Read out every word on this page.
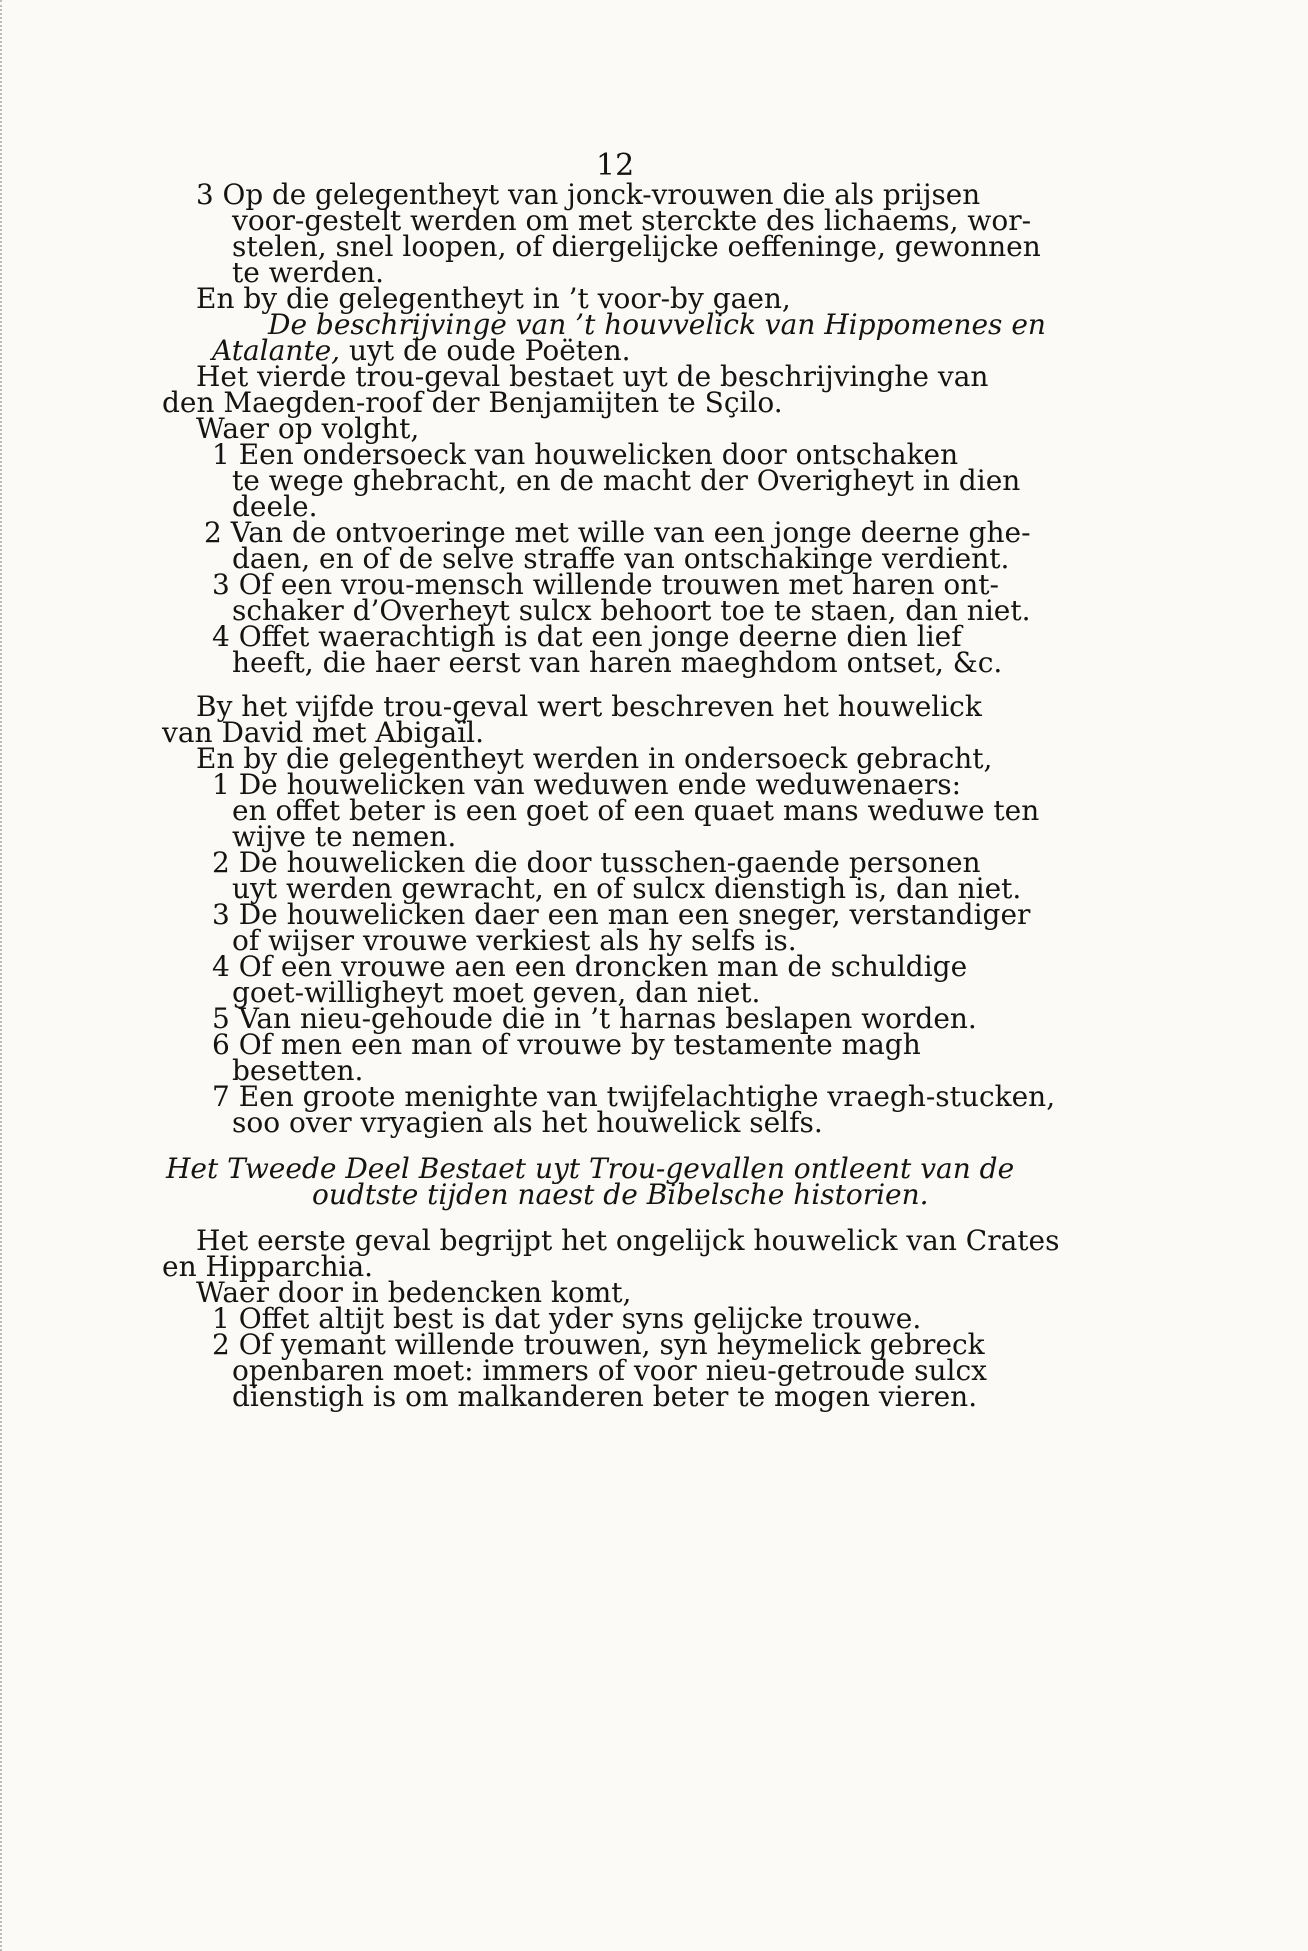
12
3 Op de gelegentheyt van jonck-vrouwen die als prijsen
voor-gestelt werden om met sterckte des lichaems, wor-
stelen, snel loopen, of diergelijcke oeffeninge, gewonnen
te werden.
En by die gelegentheyt in ’t voor-by gaen,
De beschrijvinge van ’t houvvelick van Hippomenes en
Atalante, uyt de oude Poëten.
Het vierde trou-geval bestaet uyt de beschrijvinghe van
den Maegden-roof der Benjamijten te Sçilo.
Waer op volght,
1 Een ondersoeck van houwelicken door ontschaken
te wege ghebracht, en de macht der Overigheyt in dien
deele.
2 Van de ontvoeringe met wille van een jonge deerne ghe-
daen, en of de selve straffe van ontschakinge verdient.
3 Of een vrou-mensch willende trouwen met haren ont-
schaker d’Overheyt sulcx behoort toe te staen, dan niet.
4 Offet waerachtigh is dat een jonge deerne dien lief
heeft, die haer eerst van haren maeghdom ontset, &c.
By het vijfde trou-geval wert beschreven het houwelick
van David met Abigaïl.
En by die gelegentheyt werden in ondersoeck gebracht,
1 De houwelicken van weduwen ende weduwenaers:
en offet beter is een goet of een quaet mans weduwe ten
wijve te nemen.
2 De houwelicken die door tusschen-gaende personen
uyt werden gewracht, en of sulcx dienstigh is, dan niet.
3 De houwelicken daer een man een sneger, verstandiger
of wijser vrouwe verkiest als hy selfs is.
4 Of een vrouwe aen een droncken man de schuldige
goet-willigheyt moet geven, dan niet.
5 Van nieu-gehoude die in ’t harnas beslapen worden.
6 Of men een man of vrouwe by testamente magh
besetten.
7 Een groote menighte van twijfelachtighe vraegh-stucken,
soo over vryagien als het houwelick selfs.
Het Tweede Deel Bestaet uyt Trou-gevallen ontleent van de
oudtste tijden naest de Bibelsche historien.
Het eerste geval begrijpt het ongelijck houwelick van Crates
en Hipparchia.
Waer door in bedencken komt,
1 Offet altijt best is dat yder syns gelijcke trouwe.
2 Of yemant willende trouwen, syn heymelick gebreck
openbaren moet: immers of voor nieu-getroude sulcx
dienstigh is om malkanderen beter te mogen vieren.
